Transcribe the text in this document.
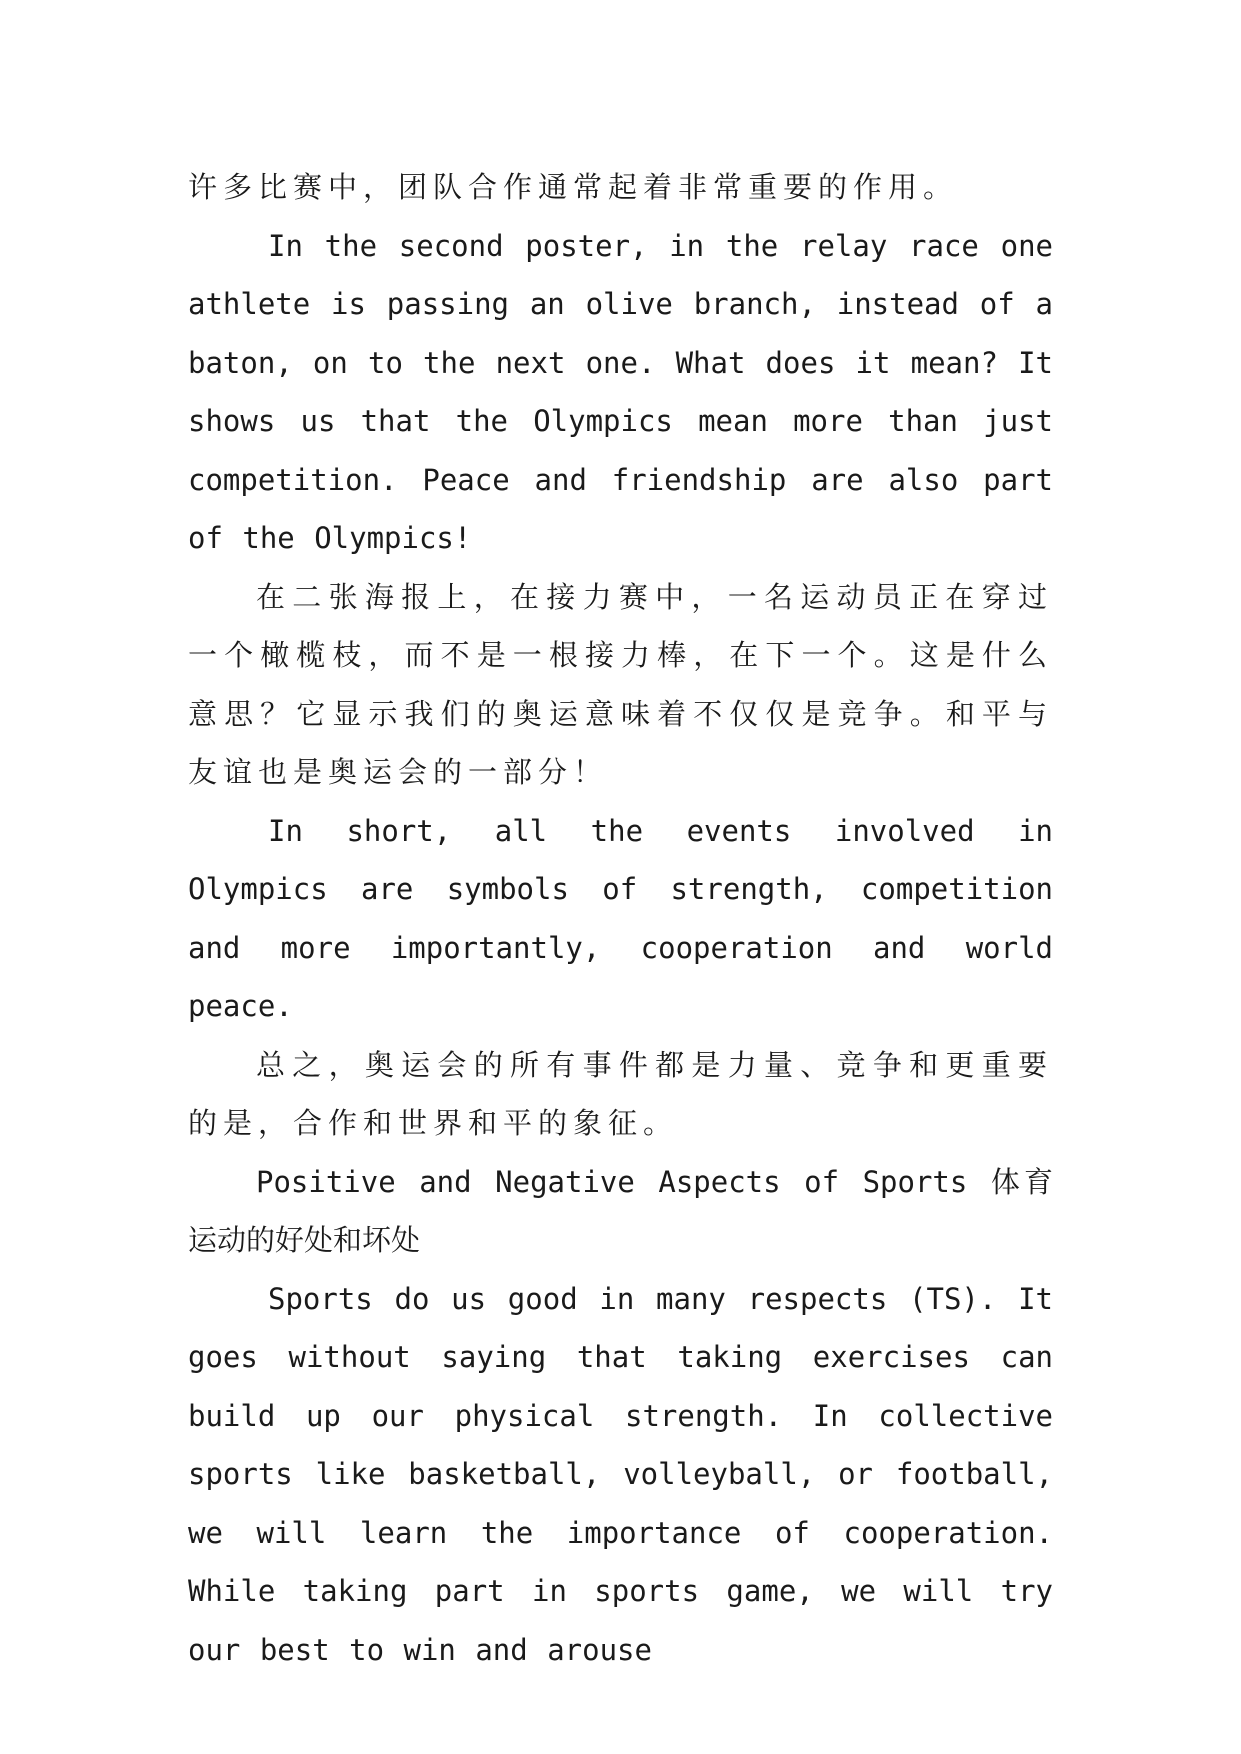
许多比赛中，团队合作通常起着非常重要的作用。

In the second poster, in the relay race one athlete is passing an olive branch, instead of a baton, on to the next one. What does it mean? It shows us that the Olympics mean more than just competition. Peace and friendship are also part of the Olympics!

在二张海报上，在接力赛中，一名运动员正在穿过一个橄榄枝，而不是一根接力棒，在下一个。这是什么意思？它显示我们的奥运意味着不仅仅是竞争。和平与友谊也是奥运会的一部分！

In short, all the events involved in Olympics are symbols of strength, competition and more importantly, cooperation and world peace.

总之，奥运会的所有事件都是力量、竞争和更重要的是，合作和世界和平的象征。

Positive and Negative Aspects of Sports 体育运动的好处和坏处

Sports do us good in many respects (TS). It goes without saying that taking exercises can build up our physical strength. In collective sports like basketball, volleyball, or football, we will learn the importance of cooperation. While taking part in sports game, we will try our best to win and arouse
